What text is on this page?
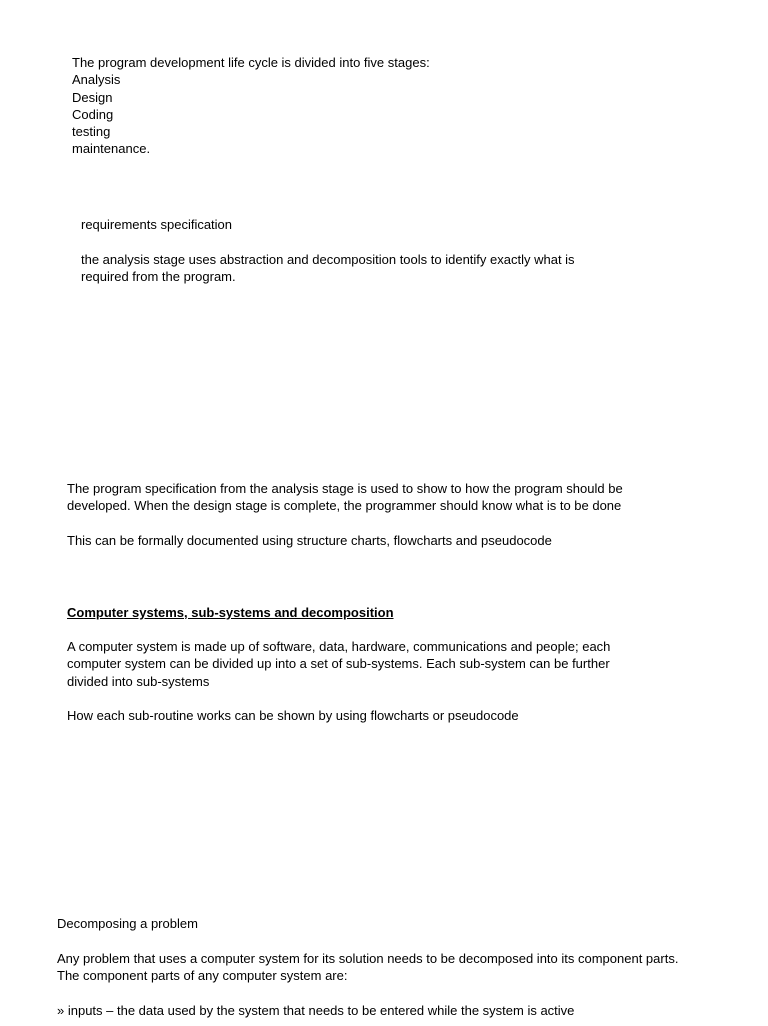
The program development life cycle is divided into five stages:
Analysis
Design
Coding
testing
maintenance.
requirements specification
the analysis stage uses abstraction and decomposition tools to identify exactly what is
required from the program.
The program specification from the analysis stage is used to show to how the program should be
developed. When the design stage is complete, the programmer should know what is to be done
This can be formally documented using structure charts, flowcharts and pseudocode
Computer systems, sub-systems and decomposition
A computer system is made up of software, data, hardware, communications and people; each
computer system can be divided up into a set of sub-systems. Each sub-system can be further
divided into sub-systems
How each sub-routine works can be shown by using flowcharts or pseudocode
Decomposing a problem
Any problem that uses a computer system for its solution needs to be decomposed into its component parts.
The component parts of any computer system are:
» inputs – the data used by the system that needs to be entered while the system is active
